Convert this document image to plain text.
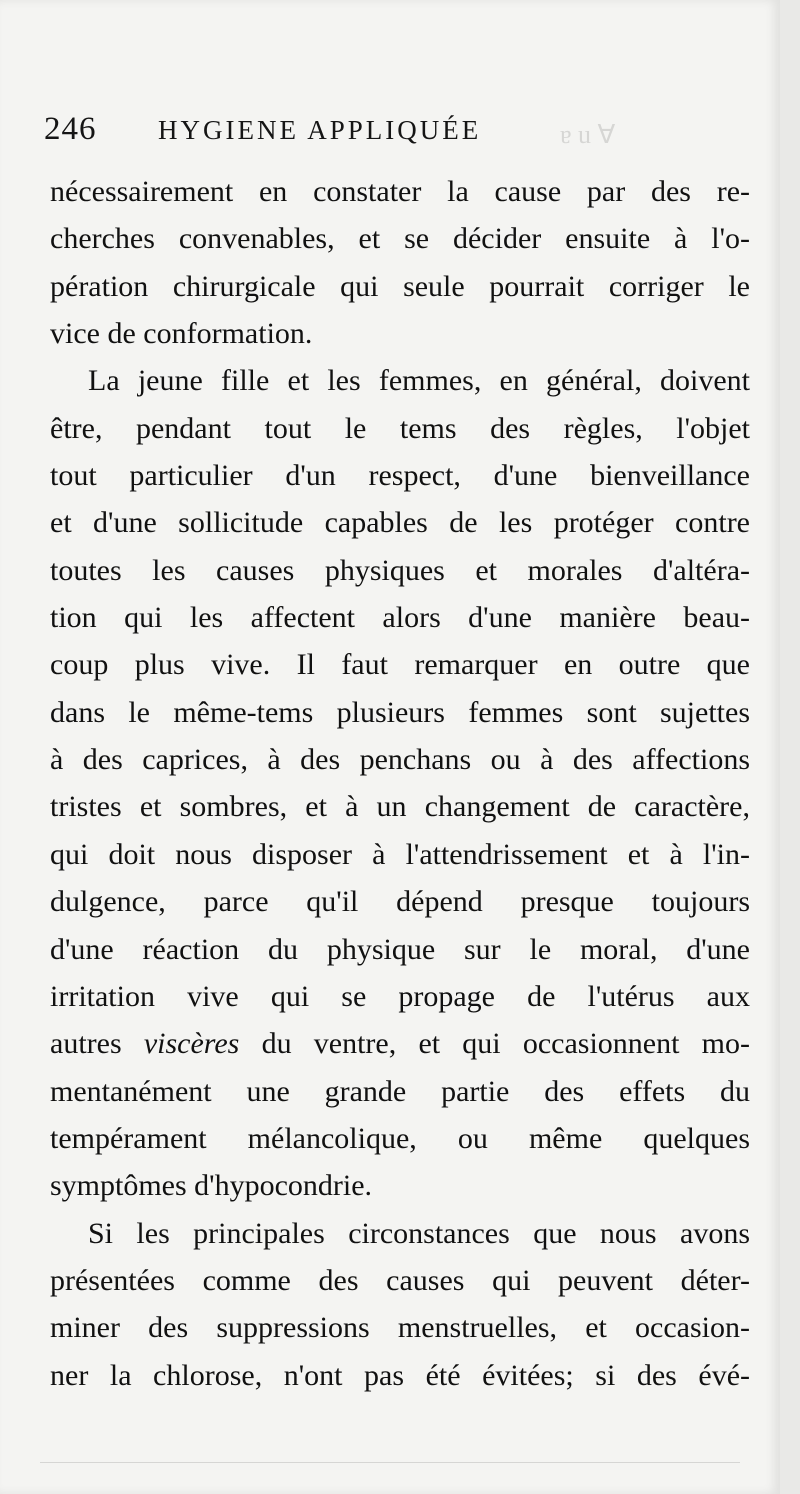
ɐ u ∀
246 HYGIENE APPLIQUÉE
nécessairement en constater la cause par des re-
cherches convenables, et se décider ensuite à l'o-
pération chirurgicale qui seule pourrait corriger le
vice de conformation.
La jeune fille et les femmes, en général, doivent
être, pendant tout le tems des règles, l'objet
tout particulier d'un respect, d'une bienveillance
et d'une sollicitude capables de les protéger contre
toutes les causes physiques et morales d'altéra-
tion qui les affectent alors d'une manière beau-
coup plus vive. Il faut remarquer en outre que
dans le même-tems plusieurs femmes sont sujettes
à des caprices, à des penchans ou à des affections
tristes et sombres, et à un changement de caractère,
qui doit nous disposer à l'attendrissement et à l'in-
dulgence, parce qu'il dépend presque toujours
d'une réaction du physique sur le moral, d'une
irritation vive qui se propage de l'utérus aux
autres viscères du ventre, et qui occasionnent mo-
mentanément une grande partie des effets du
tempérament mélancolique, ou même quelques
symptômes d'hypocondrie.
Si les principales circonstances que nous avons
présentées comme des causes qui peuvent déter-
miner des suppressions menstruelles, et occasion-
ner la chlorose, n'ont pas été évitées; si des évé-
